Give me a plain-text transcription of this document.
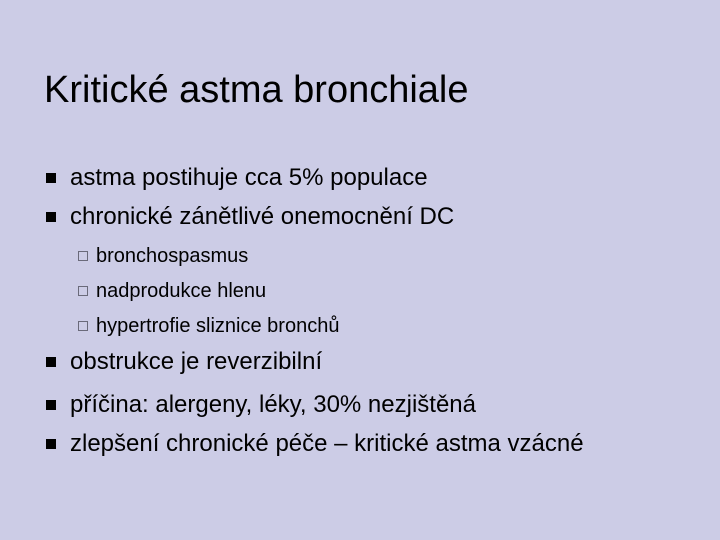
Kritické astma bronchiale
astma postihuje cca 5% populace
chronické zánětlivé onemocnění DC
bronchospasmus
nadprodukce hlenu
hypertrofie sliznice bronchů
obstrukce je reverzibilní
příčina: alergeny, léky, 30% nezjištěná
zlepšení chronické péče – kritické astma vzácné
